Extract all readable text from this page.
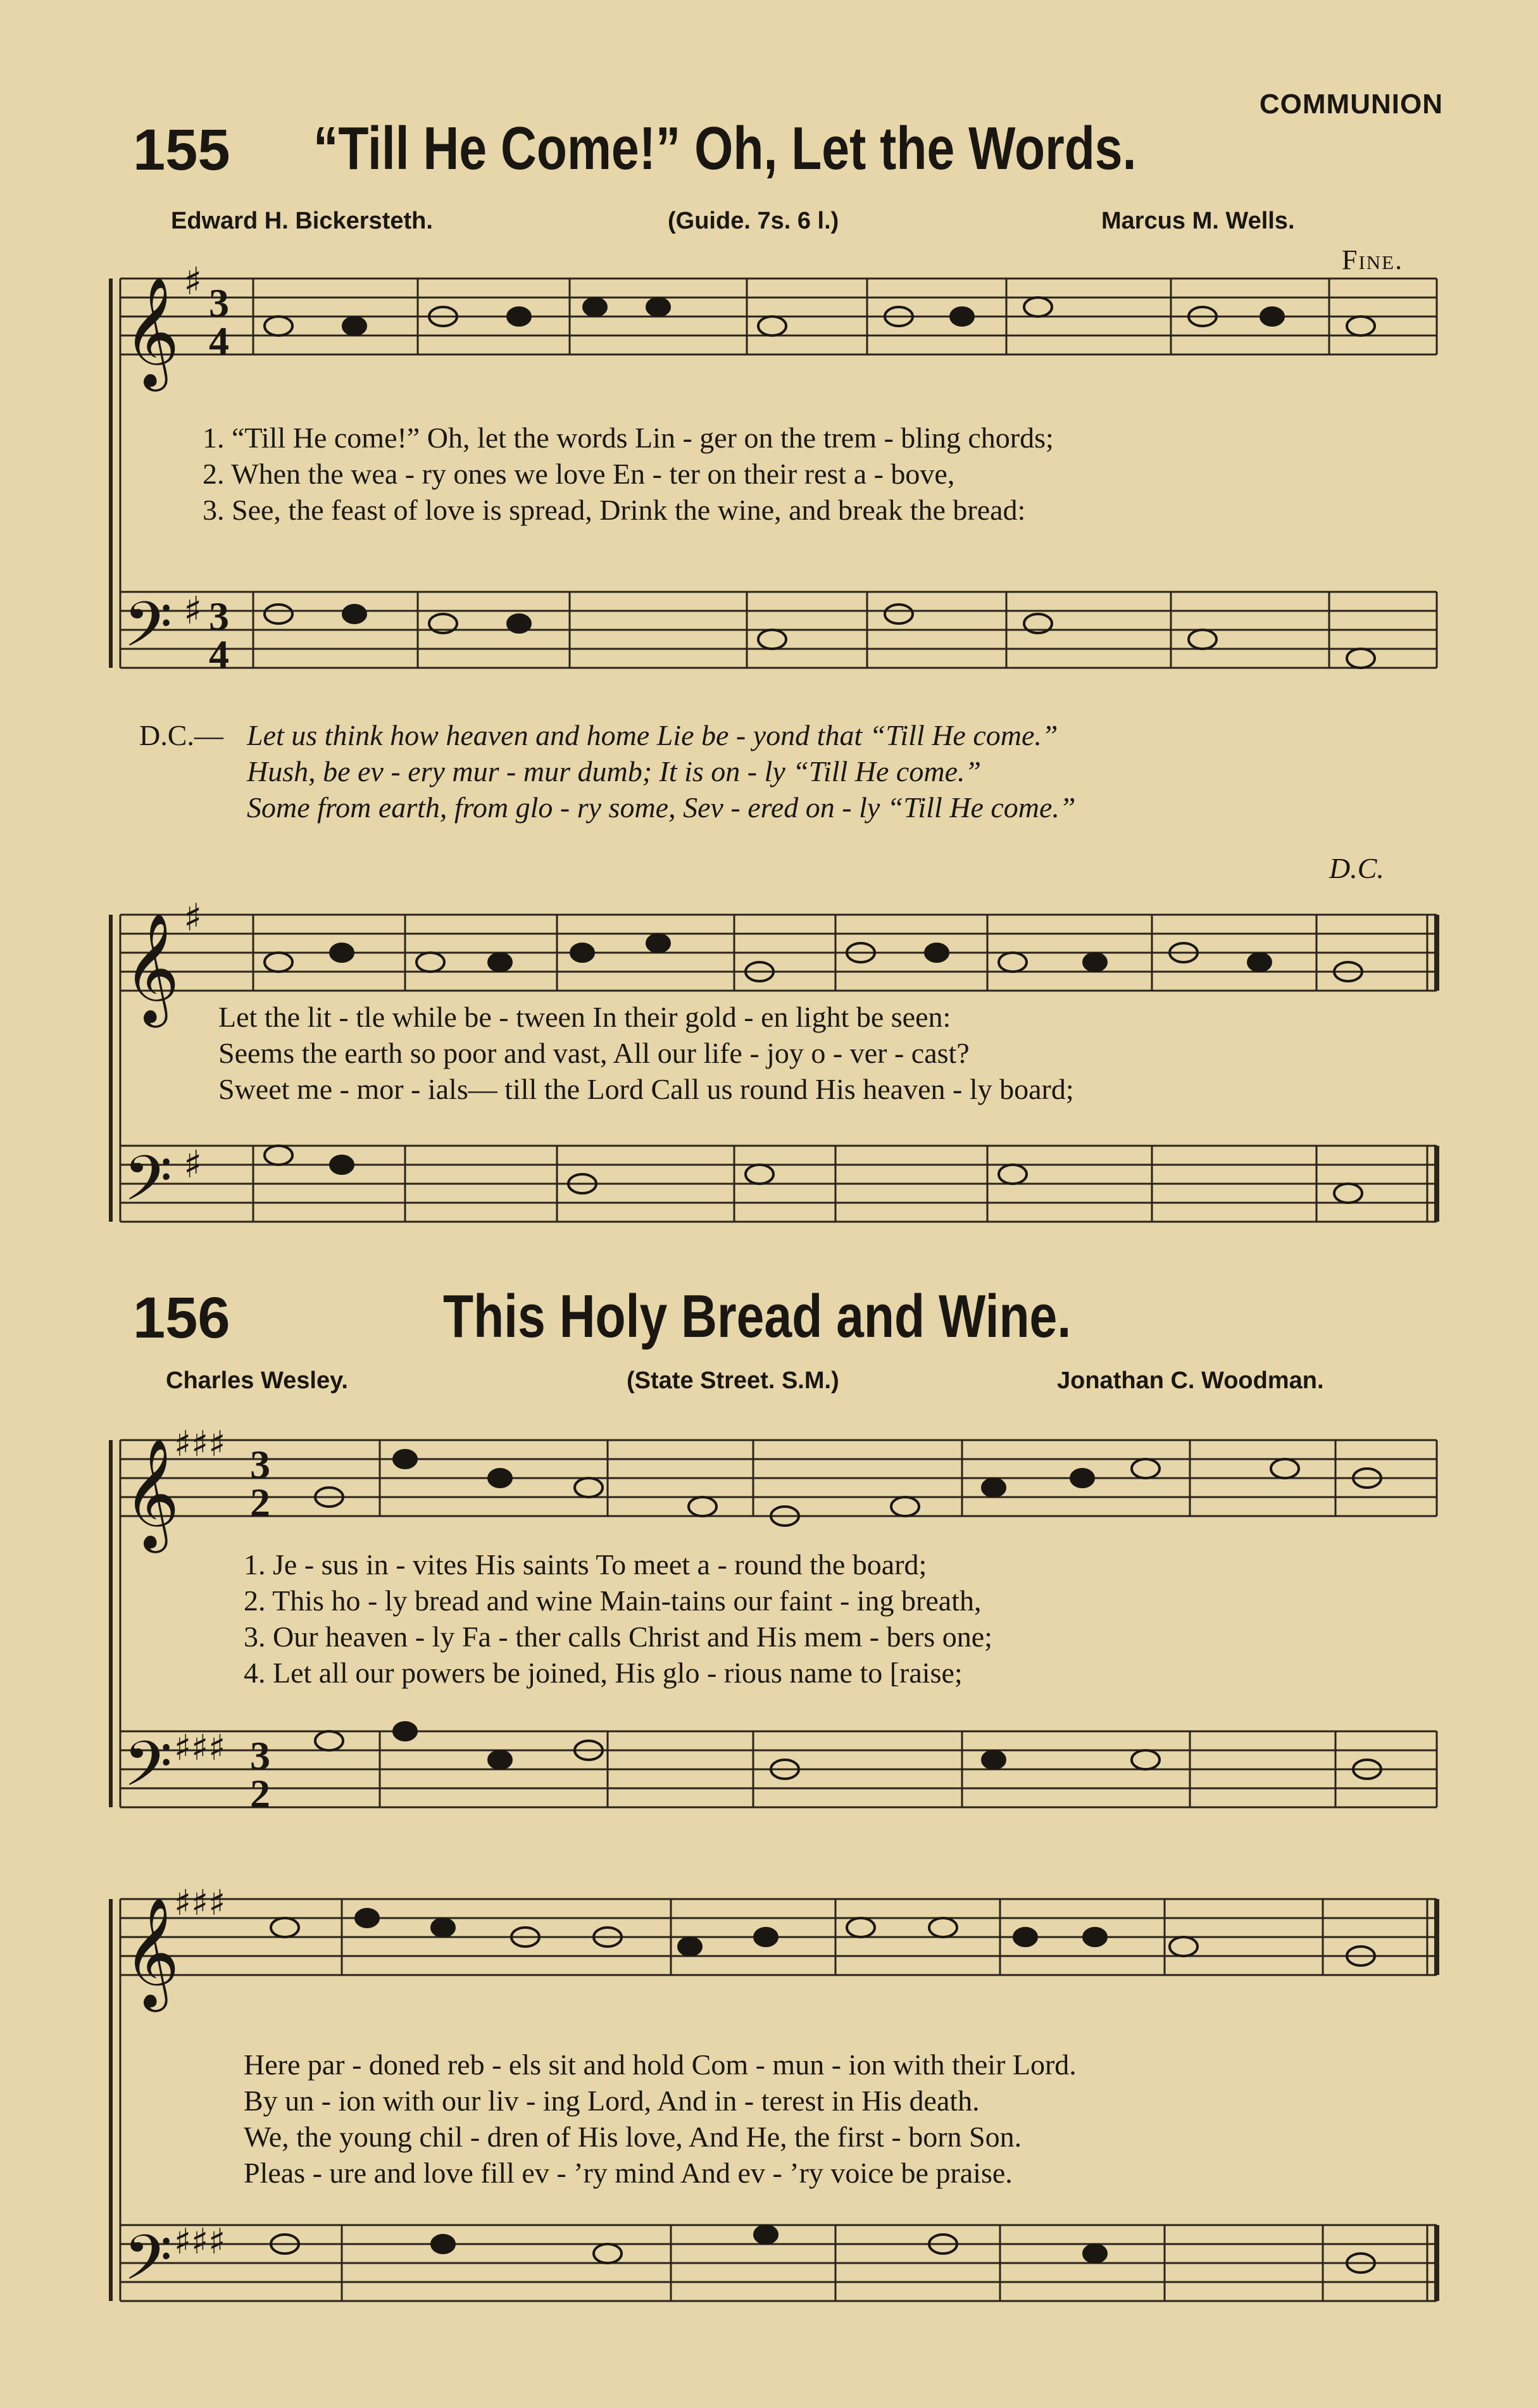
𝄞
𝄢
𝄞
𝄢
𝄞
𝄢
𝄞
𝄢
♯
♯
♯
♯
♯♯♯
♯♯♯
♯♯♯
♯♯♯
3
4
3
4
3
2
3
2
COMMUNION
155 “Till He Come!” Oh, Let the Words.
Edward H. Bickersteth.	(Guide. 7s. 6 l.)	Marcus M. Wells.
Fine.
1. “Till He come!” Oh, let the words Lin - ger on the trem - bling chords;
2. When the wea - ry ones we love En - ter on their rest a - bove,
3. See, the feast of love is spread, Drink the wine, and break the bread:
D.C.— Let us think how heaven and home Lie be - yond that “Till He come.”
Hush, be ev - ery mur - mur dumb; It is on - ly “Till He come.”
Some from earth, from glo - ry some, Sev - ered on - ly “Till He come.”
D.C.
Let the lit - tle while be - tween In their gold - en light be seen:
Seems the earth so poor and vast, All our life - joy o - ver - cast?
Sweet me - mor - ials— till the Lord Call us round His heaven - ly board;
156	This Holy Bread and Wine.
Charles Wesley.	(State Street. S.M.)	Jonathan C. Woodman.
1. Je - sus in - vites His saints To meet a - round the board;
2. This ho - ly bread and wine Main-tains our faint - ing breath,
3. Our heaven - ly Fa - ther calls Christ and His mem - bers one;
4. Let all our powers be joined, His glo - rious name to [raise;
Here par - doned reb - els sit and hold Com - mun - ion with their Lord.
By un - ion with our liv - ing Lord, And in - terest in His death.
We, the young chil - dren of His love, And He, the first - born Son.
Pleas - ure and love fill ev - ’ry mind And ev - ’ry voice be praise.
